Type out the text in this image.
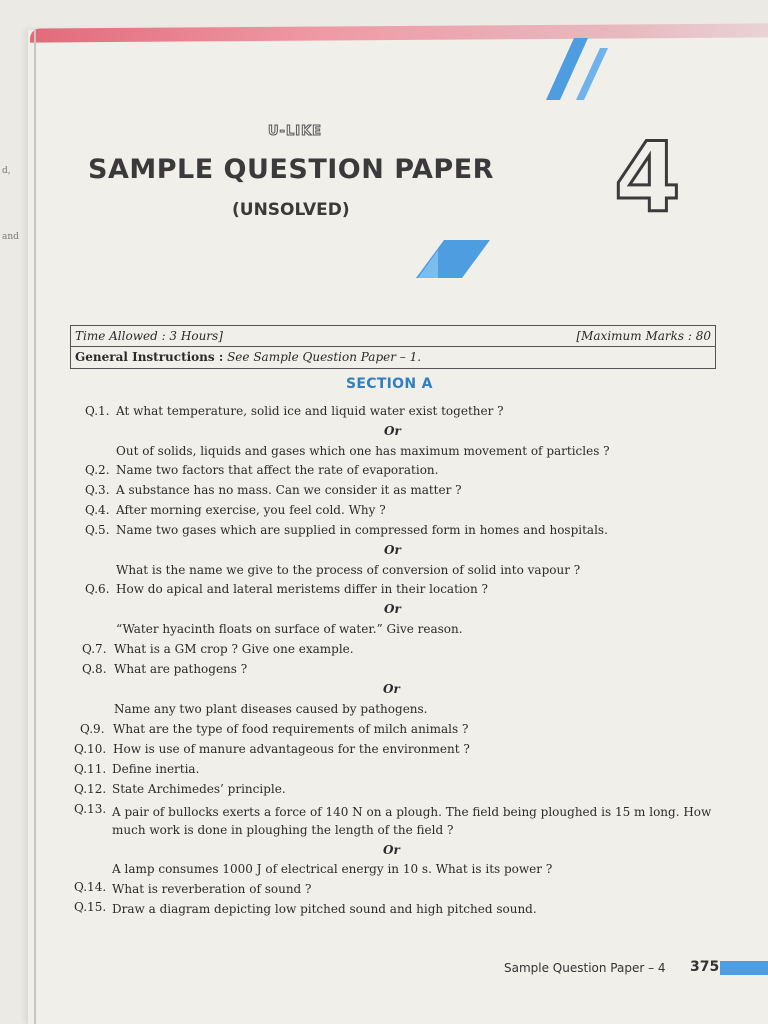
d,
and
U-LIKE
SAMPLE QUESTION PAPER
(UNSOLVED)	4
Time Allowed : 3 Hours]	[Maximum Marks : 80
General Instructions : See Sample Question Paper – 1.
SECTION A
Q.1. At what temperature, solid ice and liquid water exist together ?
Or
Out of solids, liquids and gases which one has maximum movement of particles ?
Q.2. Name two factors that affect the rate of evaporation.
Q.3. A substance has no mass. Can we consider it as matter ?
Q.4. After morning exercise, you feel cold. Why ?
Q.5. Name two gases which are supplied in compressed form in homes and hospitals.
Or
What is the name we give to the process of conversion of solid into vapour ?
Q.6. How do apical and lateral meristems differ in their location ?
Or
“Water hyacinth floats on surface of water.” Give reason.
Q.7. What is a GM crop ? Give one example.
Q.8. What are pathogens ?
Or
Name any two plant diseases caused by pathogens.
Q.9. What are the type of food requirements of milch animals ?
Q.10. How is use of manure advantageous for the environment ?
Q.11. Define inertia.
Q.12. State Archimedes’ principle.
Q.13. A pair of bullocks exerts a force of 140 N on a plough. The field being ploughed is 15 m long. How
much work is done in ploughing the length of the field ?
Or
A lamp consumes 1000 J of electrical energy in 10 s. What is its power ?
Q.14. What is reverberation of sound ?
Q.15. Draw a diagram depicting low pitched sound and high pitched sound.
Sample Question Paper – 4 375
